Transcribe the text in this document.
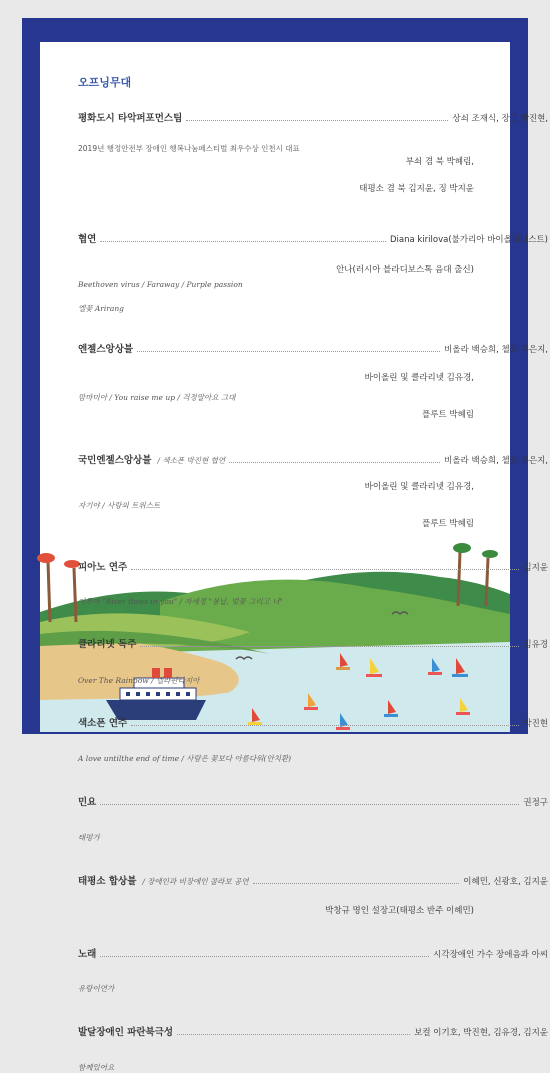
오프닝무대
평화도시 타악퍼포먼스팀	상쇠 조재식, 장고 박진현,
2019년 행정안전부 장애인 행복나눔페스티벌 최우수상 인천시 대표
부쇠 겸 북 박혜림,
태평소 겸 북 김지윤, 징 박지윤
협연	Diana kirilova(불가리아 바이올리니스트)
안나(러시아 블라디보스톡 음대 출신)
Beethoven virus / Faraway / Purple passion
엘꽃 Arirang
엔젤스앙상블	비올라 백승희, 첼로 유은지,
바이올린 및 클라리넷 김유경,
맘마미아 / You raise me up / 걱정말아요 그대
플루트 박혜림
국민엔젤스앙상블 / 색소폰 박진현 협연	비올라 백승희, 첼로 유은지,
바이올린 및 클라리넷 김유경,
자기야 / 사랑의 트위스트
플루트 박혜림
피아노 연주	김지윤
이루마 "River flows in you" / 자세정 "봄날, 벚꽃 그리고 너"
클라리넷 독주	김유경
Over The Rainbow / 넬라판타지아
색소폰 연주	박진현
A love untilthe end of time / 사람은 꽃보다 아름다워(안치환)
민요	권정구
태평가
태평소 합상블 / 장애인과 비장애인 콜라보 공연	이혜민, 신광호, 김지윤
박창규 명인 설장고(태평소 반주 이혜민)
노래	시각장애인 가수 장애음과 아씨
유랑이연가
발달장애인 파란북극성	보컬 이기호, 박진현, 김유경, 김지윤
함께있어요
